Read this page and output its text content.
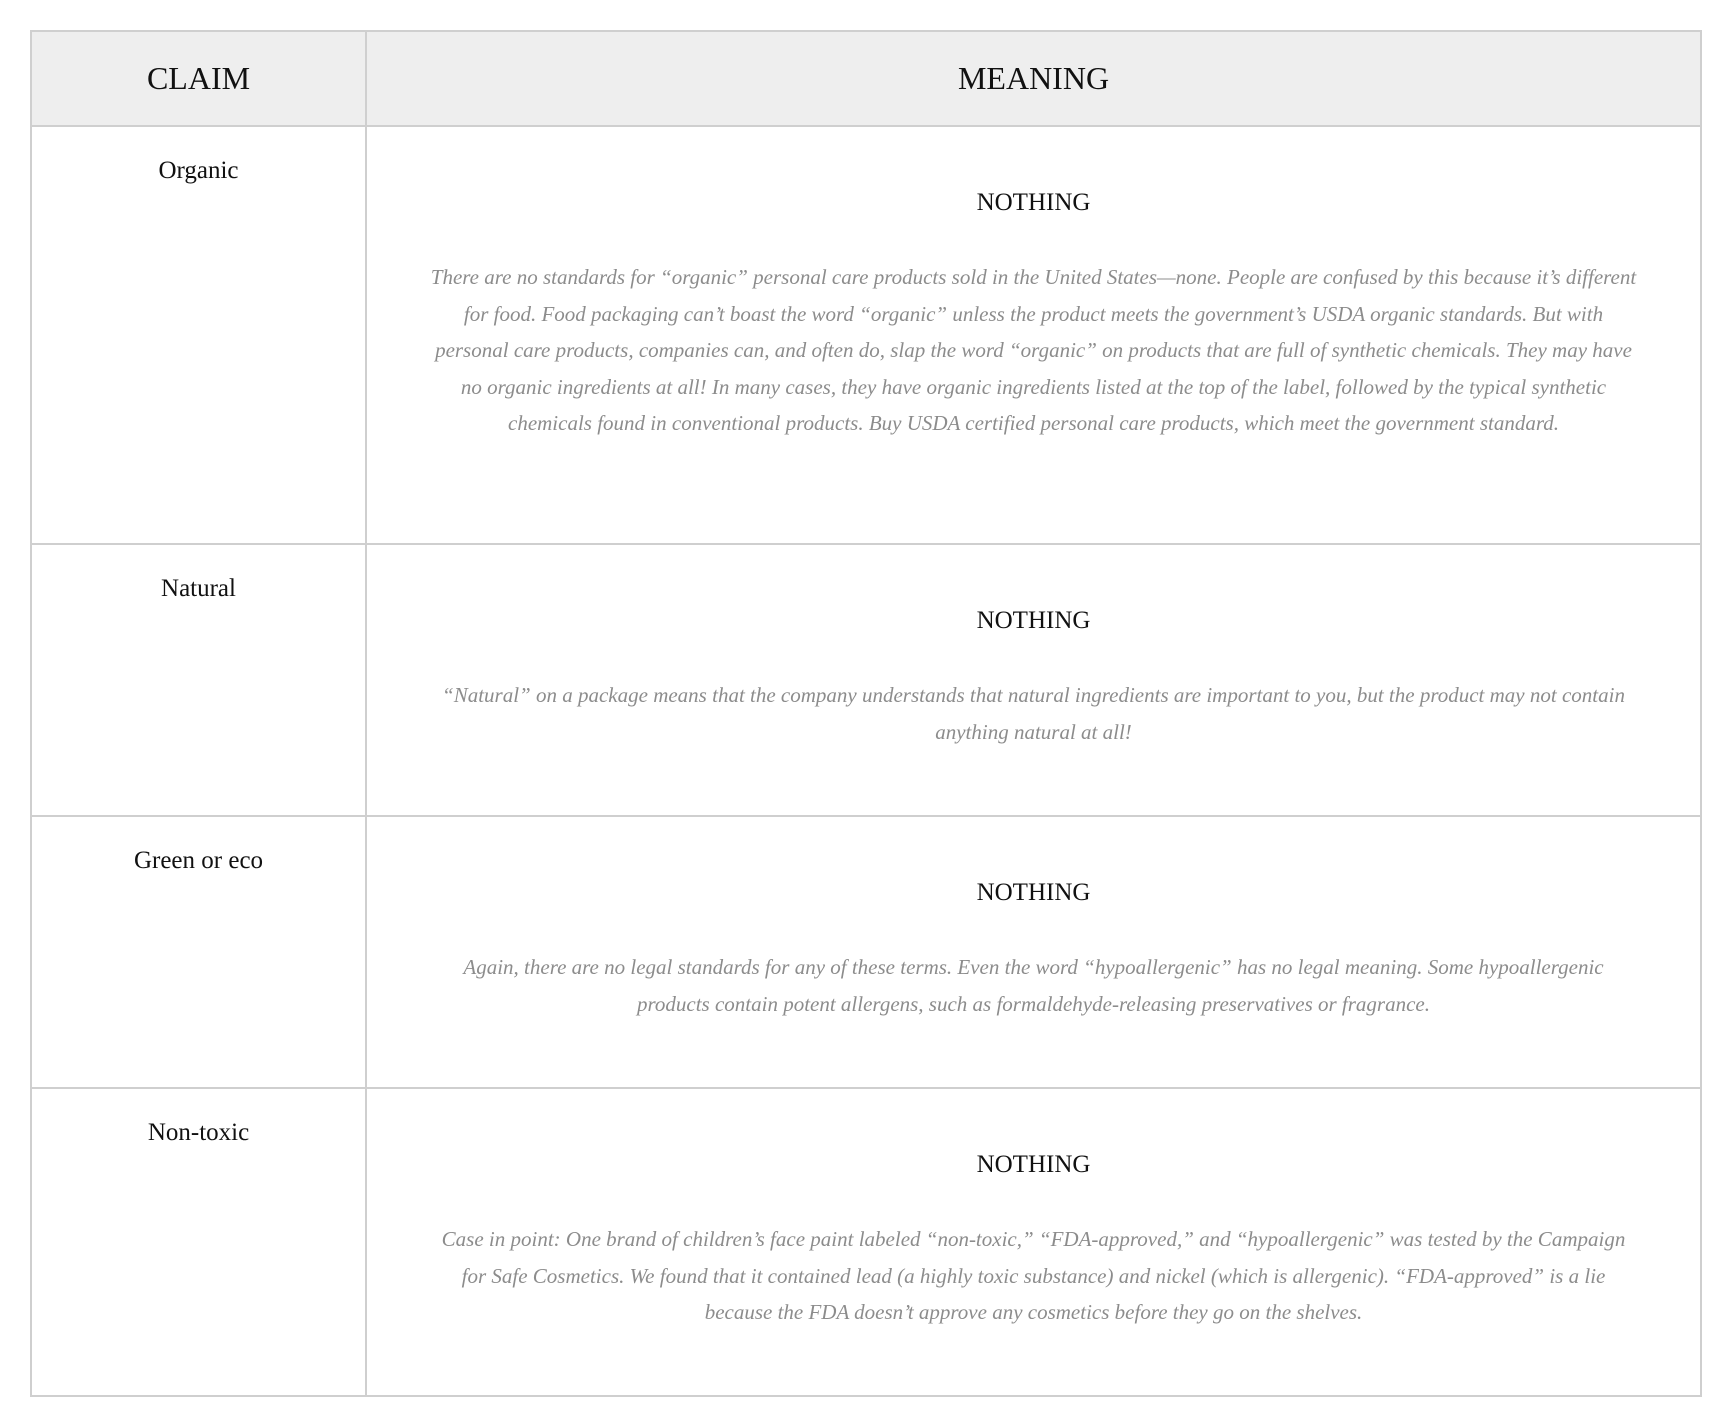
CLAIM	MEANING
Organic	NOTHING

There are no standards for “organic” personal care products sold in the United States—none. People are confused by this because it’s different for food. Food packaging can’t boast the word “organic” unless the product meets the government’s USDA organic standards. But with personal care products, companies can, and often do, slap the word “organic” on products that are full of synthetic chemicals. They may have no organic ingredients at all! In many cases, they have organic ingredients listed at the top of the label, followed by the typical synthetic chemicals found in conventional products. Buy USDA certified personal care products, which meet the government standard.

Natural	NOTHING

“Natural” on a package means that the company understands that natural ingredients are important to you, but the product may not contain anything natural at all!

Green or eco	NOTHING

Again, there are no legal standards for any of these terms. Even the word “hypoallergenic” has no legal meaning. Some hypoallergenic products contain potent allergens, such as formaldehyde-releasing preservatives or fragrance.

Non-toxic	NOTHING

Case in point: One brand of children’s face paint labeled “non-toxic,” “FDA-approved,” and “hypoallergenic” was tested by the Campaign for Safe Cosmetics. We found that it contained lead (a highly toxic substance) and nickel (which is allergenic). “FDA-approved” is a lie because the FDA doesn’t approve any cosmetics before they go on the shelves.
